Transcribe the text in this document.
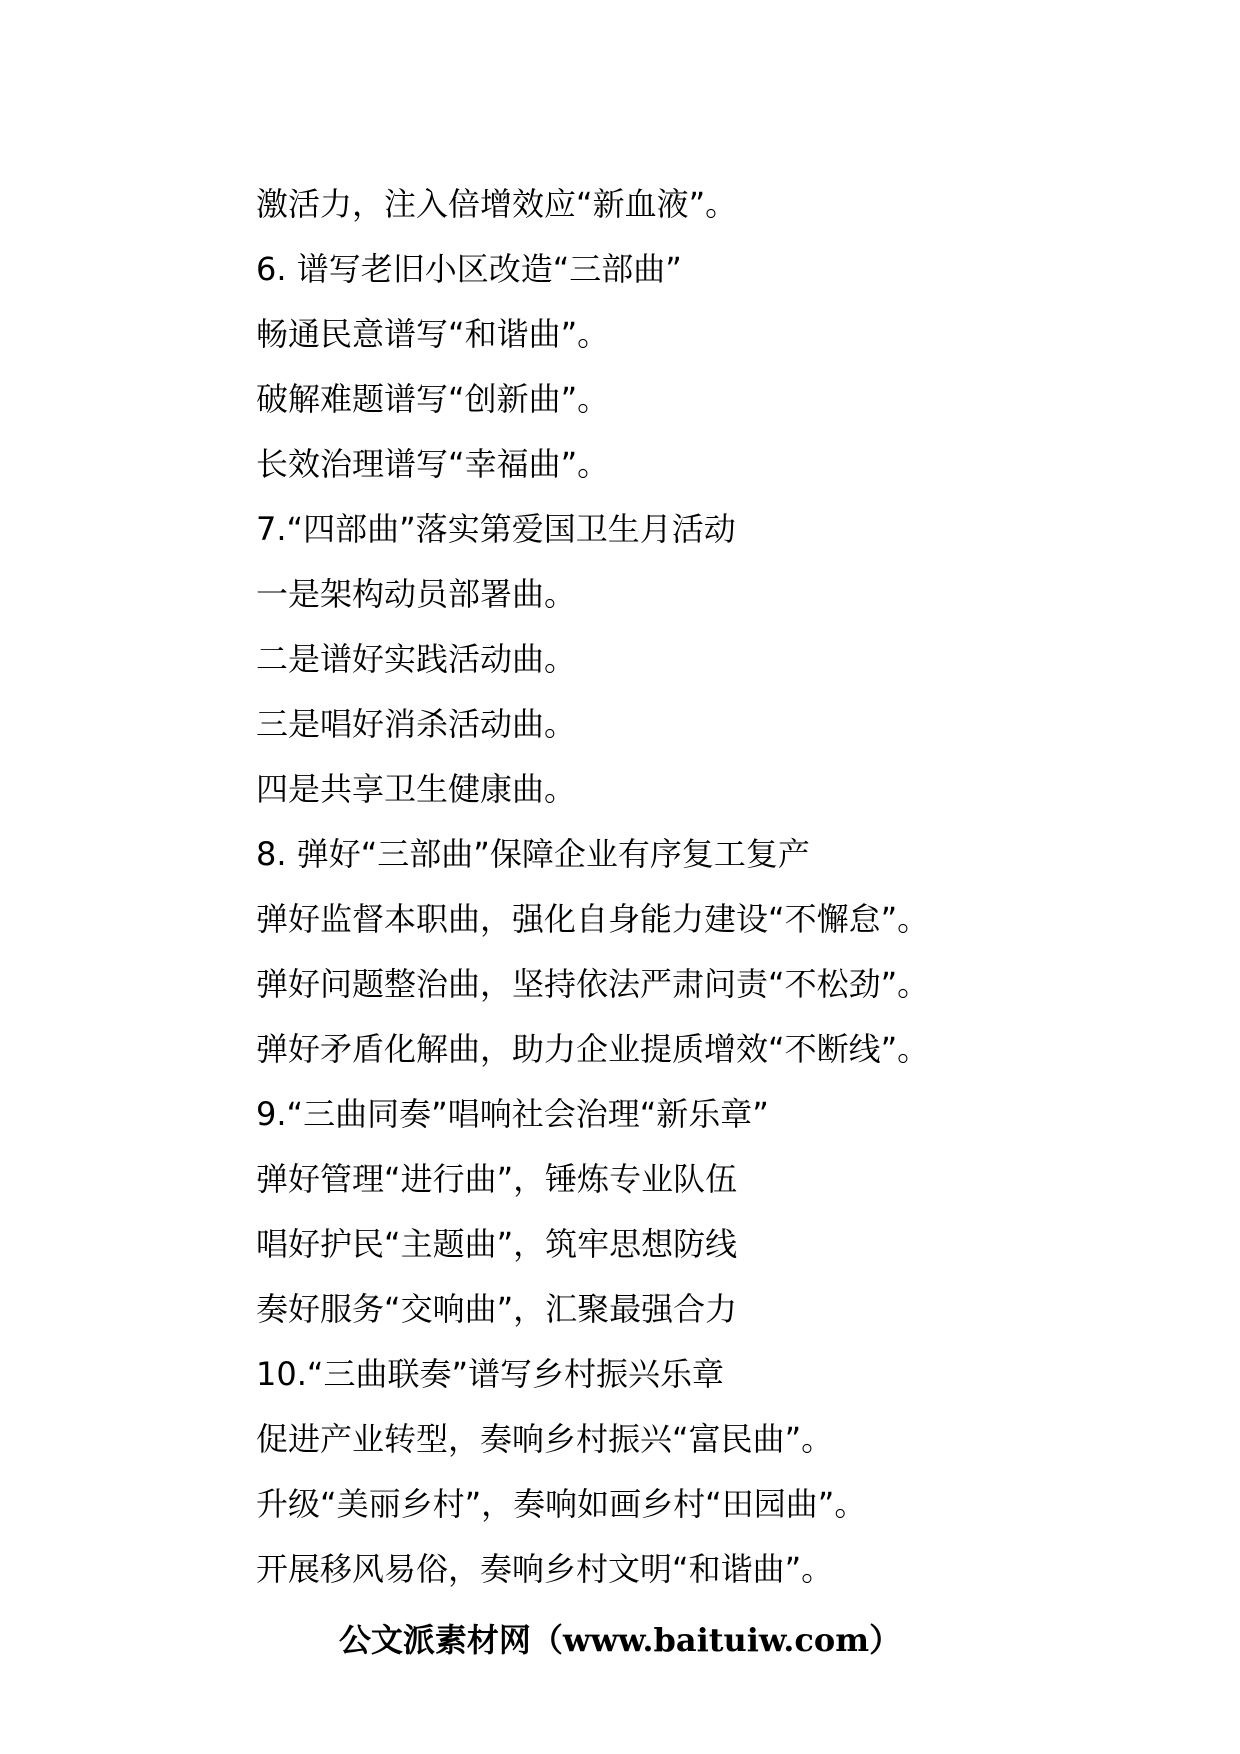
激活力，注入倍增效应“新血液”。
6. 谱写老旧小区改造“三部曲”
畅通民意谱写“和谐曲”。
破解难题谱写“创新曲”。
长效治理谱写“幸福曲”。
7.“四部曲”落实第爱国卫生月活动
一是架构动员部署曲。
二是谱好实践活动曲。
三是唱好消杀活动曲。
四是共享卫生健康曲。
8. 弹好“三部曲”保障企业有序复工复产
弹好监督本职曲，强化自身能力建设“不懈怠”。
弹好问题整治曲，坚持依法严肃问责“不松劲”。
弹好矛盾化解曲，助力企业提质增效“不断线”。
9.“三曲同奏”唱响社会治理“新乐章”
弹好管理“进行曲”，锤炼专业队伍
唱好护民“主题曲”，筑牢思想防线
奏好服务“交响曲”，汇聚最强合力
10.“三曲联奏”谱写乡村振兴乐章
促进产业转型，奏响乡村振兴“富民曲”。
升级“美丽乡村”，奏响如画乡村“田园曲”。
开展移风易俗，奏响乡村文明“和谐曲”。
公文派素材网（www.baituiw.com）
